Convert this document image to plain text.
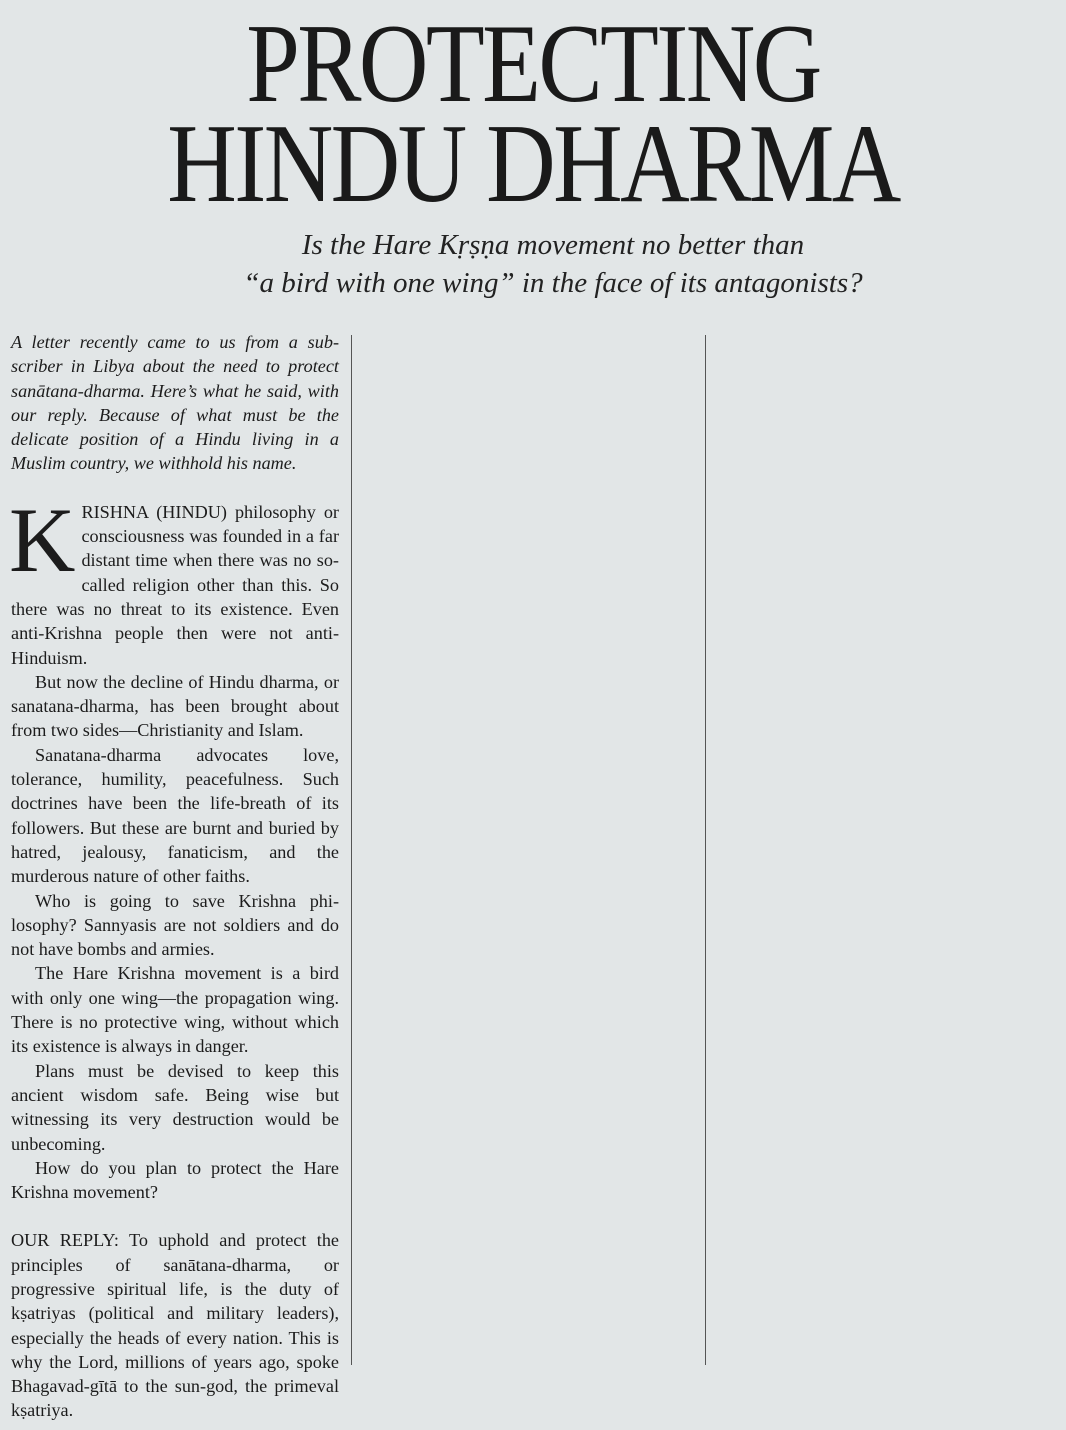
PROTECTING
HINDU DHARMA
Is the Hare Kṛṣṇa movement no better than
“a bird with one wing” in the face of its antagonists?

A letter recently came to us from a subscriber in Libya about the need to protect sanātana-dharma. Here’s what he said, with our reply. Because of what must be the delicate position of a Hindu living in a Muslim country, we withhold his name.

KRISHNA (HINDU) philosophy or consciousness was founded in a far distant time when there was no so-called religion other than this. So there was no threat to its existence. Even anti-Krishna people then were not anti-Hinduism.

But now the decline of Hindu dharma, or sanatana-dharma, has been brought about from two sides—Christianity and Islam.

Sanatana-dharma advocates love, tolerance, humility, peacefulness. Such doctrines have been the life-breath of its followers. But these are burnt and buried by hatred, jealousy, fanaticism, and the murderous nature of other faiths.

Who is going to save Krishna philosophy? Sannyasis are not soldiers and do not have bombs and armies.

The Hare Krishna movement is a bird with only one wing—the propagation wing. There is no protective wing, without which its existence is always in danger.

Plans must be devised to keep this ancient wisdom safe. Being wise but witnessing its very destruction would be unbecoming.

How do you plan to protect the Hare Krishna movement?

OUR REPLY: To uphold and protect the principles of sanātana-dharma, or progressive spiritual life, is the duty of kṣatriyas (political and military leaders), especially the heads of every nation. This is why the Lord, millions of years ago, spoke Bhagavad-gītā to the sun-god, the primeval kṣatriya.
